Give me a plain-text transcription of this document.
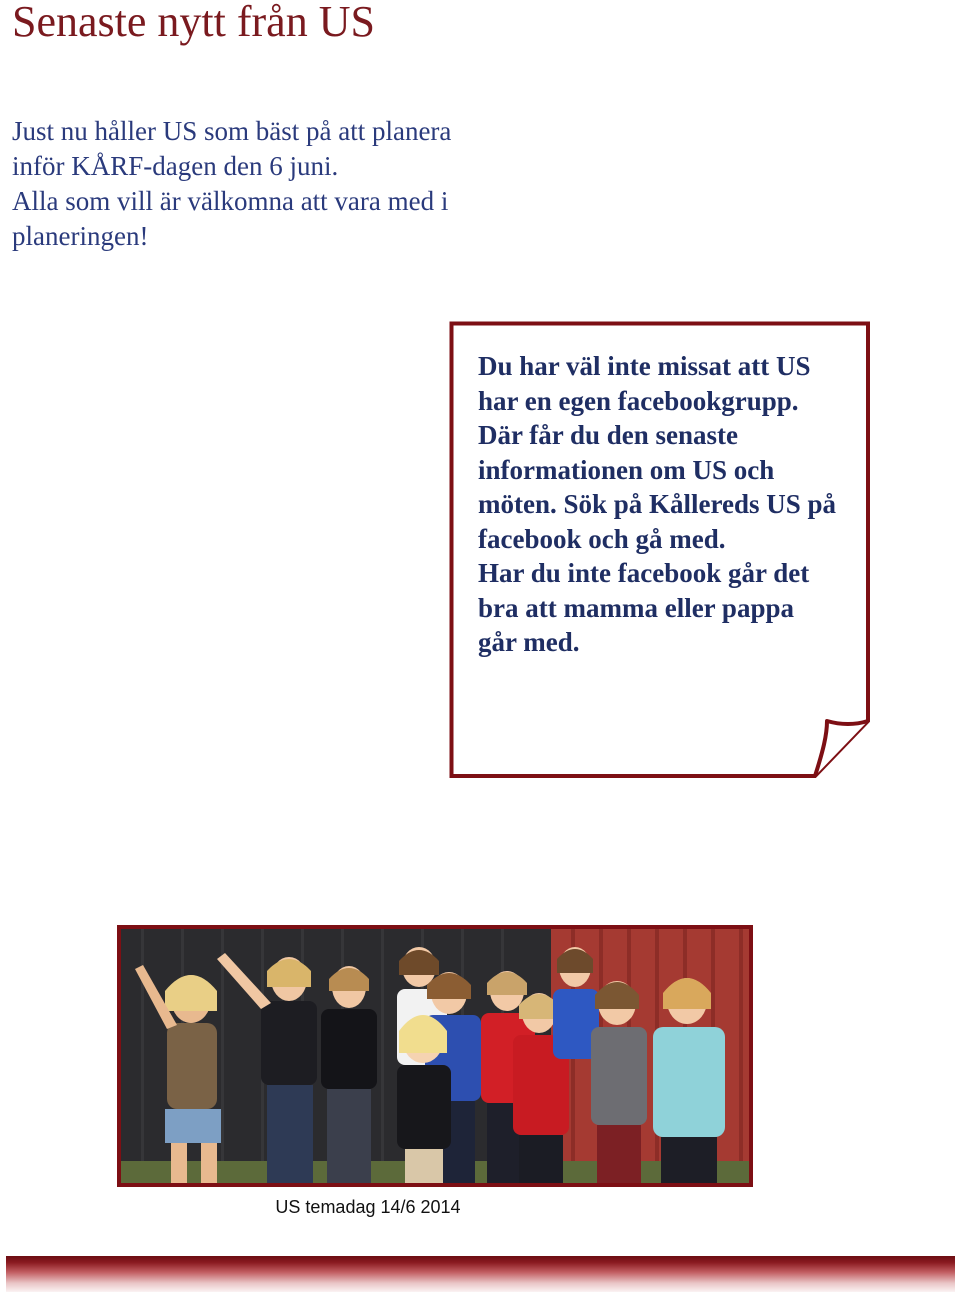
Senaste nytt från US

Just nu håller US som bäst på att planera inför KÅRF-dagen den 6 juni.

Alla som vill är välkomna att vara med i planeringen!

Du har väl inte missat att US har en egen facebookgrupp. Där får du den senaste informationen om US och möten. Sök på Kållereds US på facebook och gå med.

Har du inte facebook går det bra att mamma eller pappa går med.

US temadag 14/6 2014
